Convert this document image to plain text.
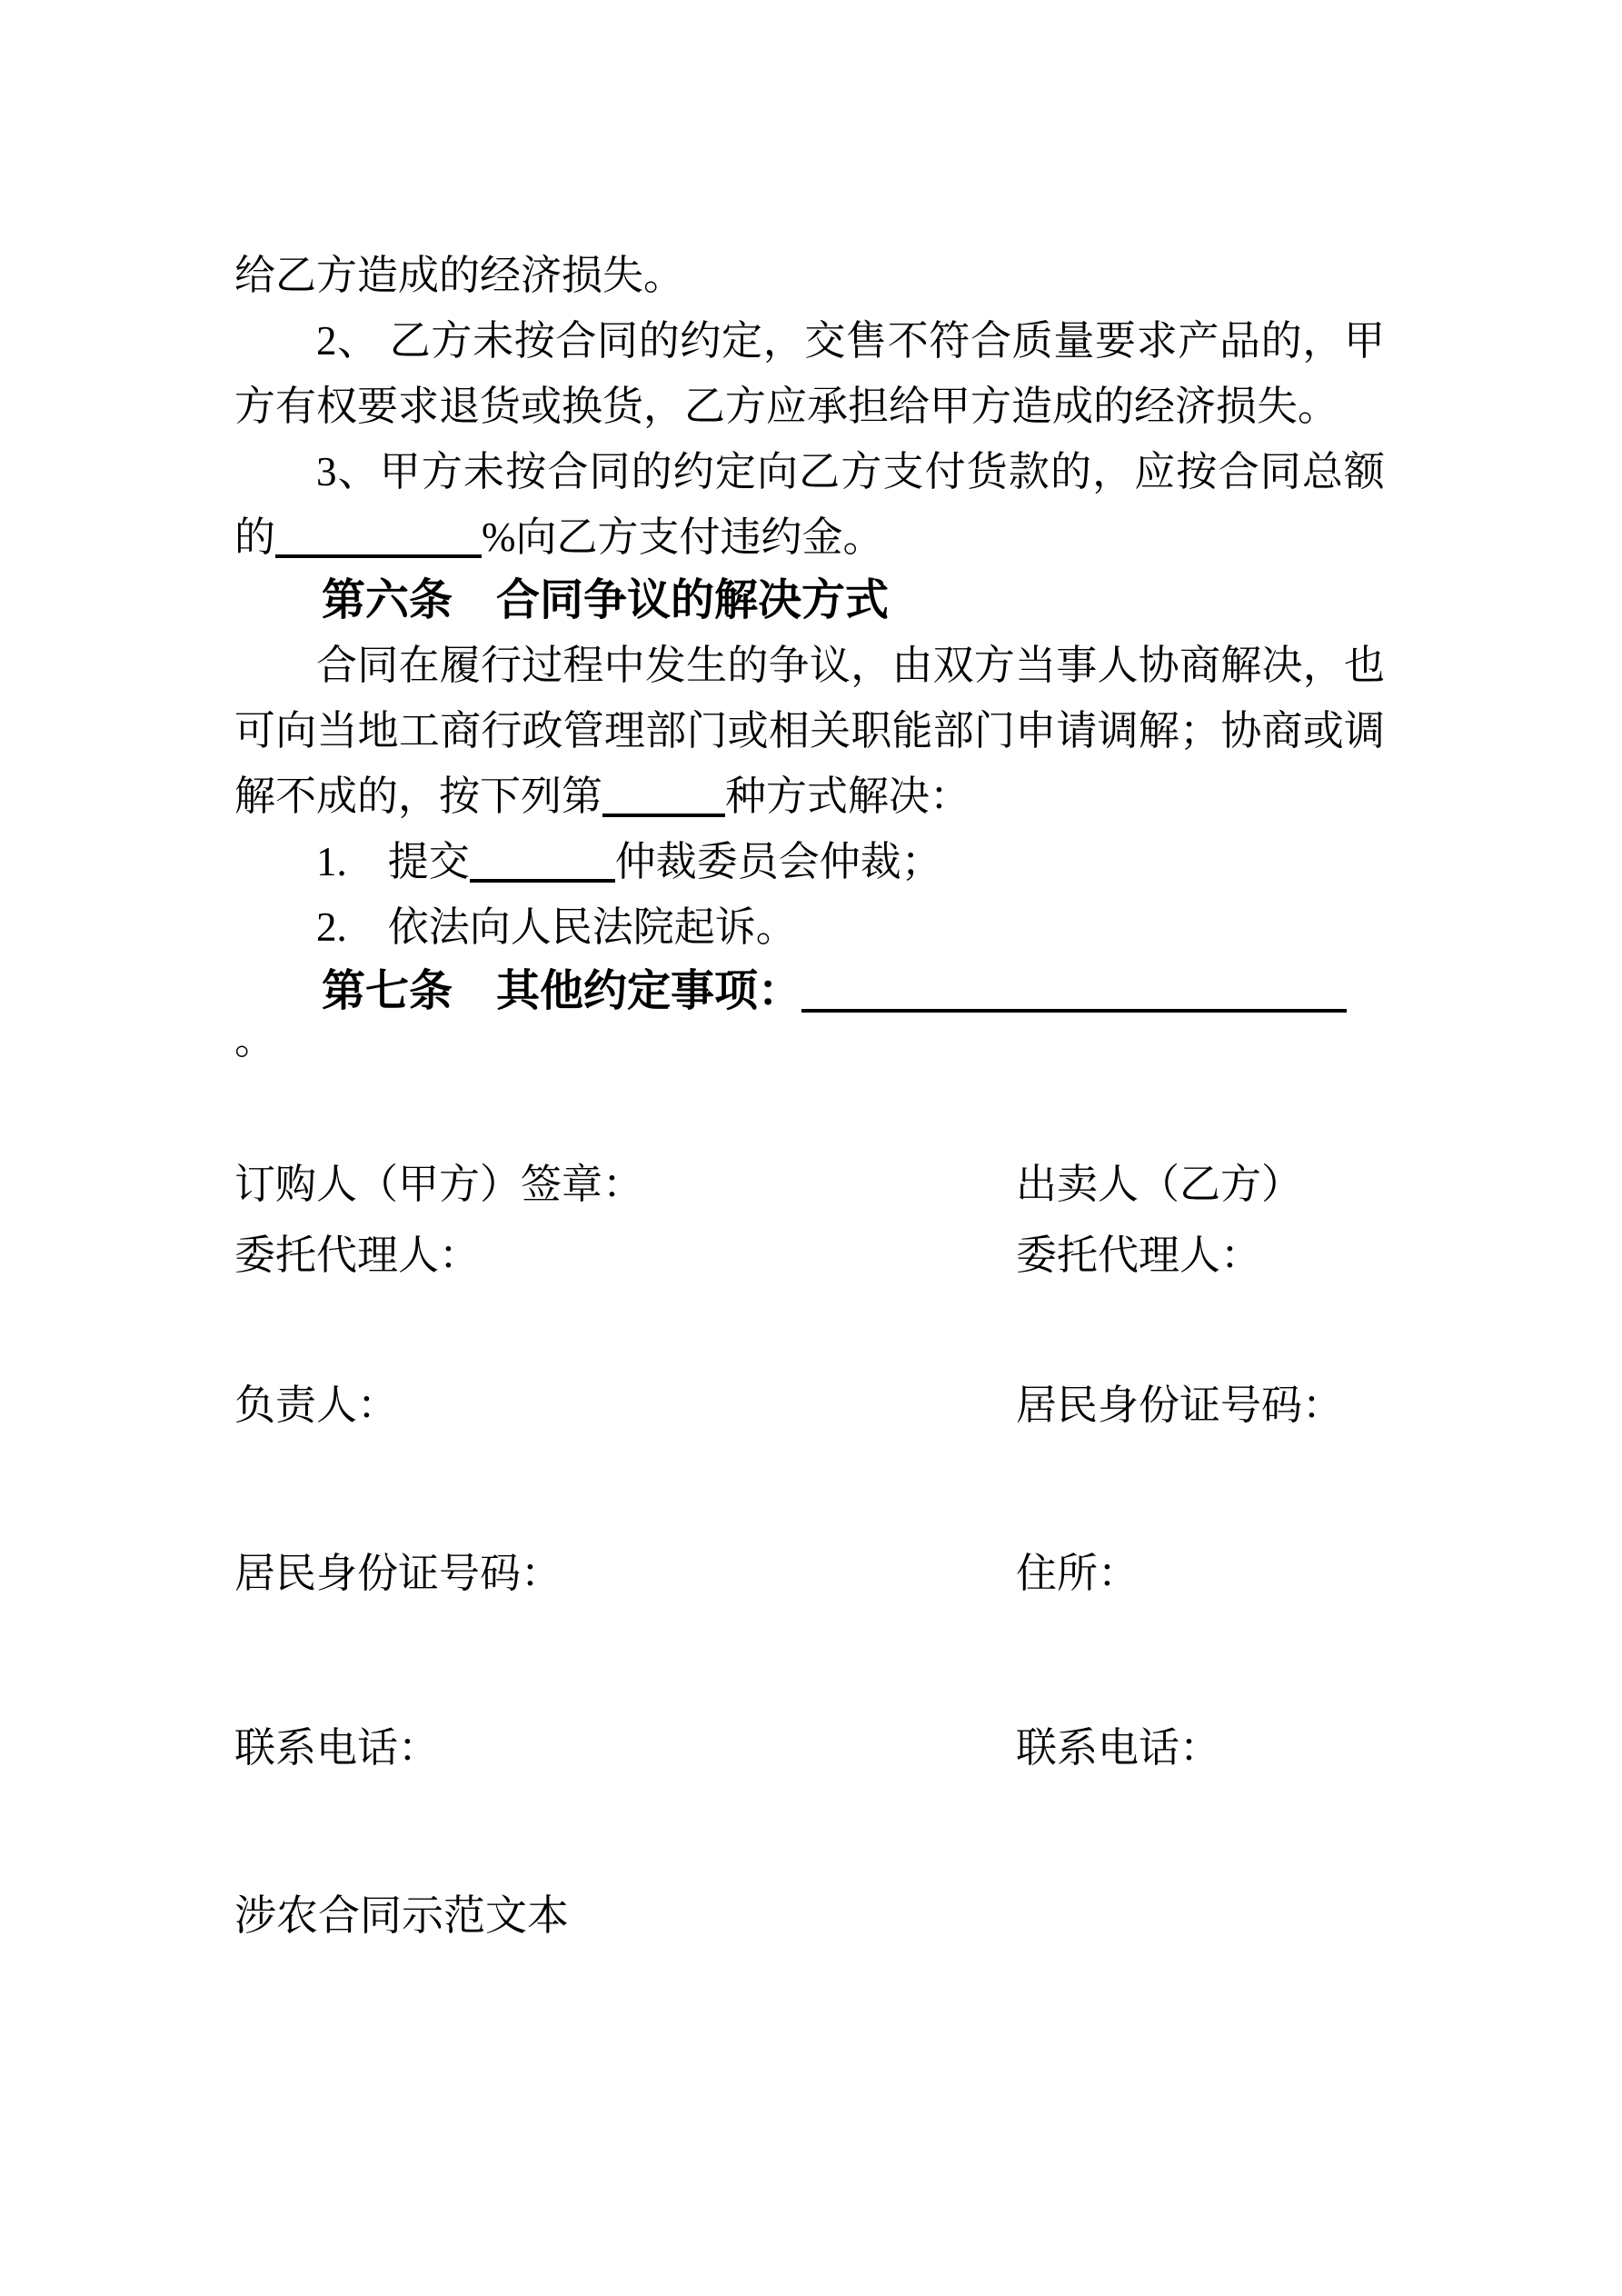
给乙方造成的经济损失。
2、 乙方未按合同的约定，交售不符合质量要求产品的，甲
方有权要求退货或换货，乙方应承担给甲方造成的经济损失。
3、甲方未按合同的约定向乙方支付货款的，应按合同总额
的	%向乙方支付违约金。
第六条　合同争议的解决方式
合同在履行过程中发生的争议，由双方当事人协商解决，也
可向当地工商行政管理部门或相关职能部门申请调解；协商或调
解不成的，按下列第	种方式解决：
1.　提交	仲裁委员会仲裁；
2.　依法向人民法院起诉。
第七条　其他约定事项：。
订购人（甲方）签章：	出卖人（乙方）
委托代理人：	委托代理人：
负责人：	居民身份证号码：
居民身份证号码：	住所：
联系电话：	联系电话：
涉农合同示范文本
